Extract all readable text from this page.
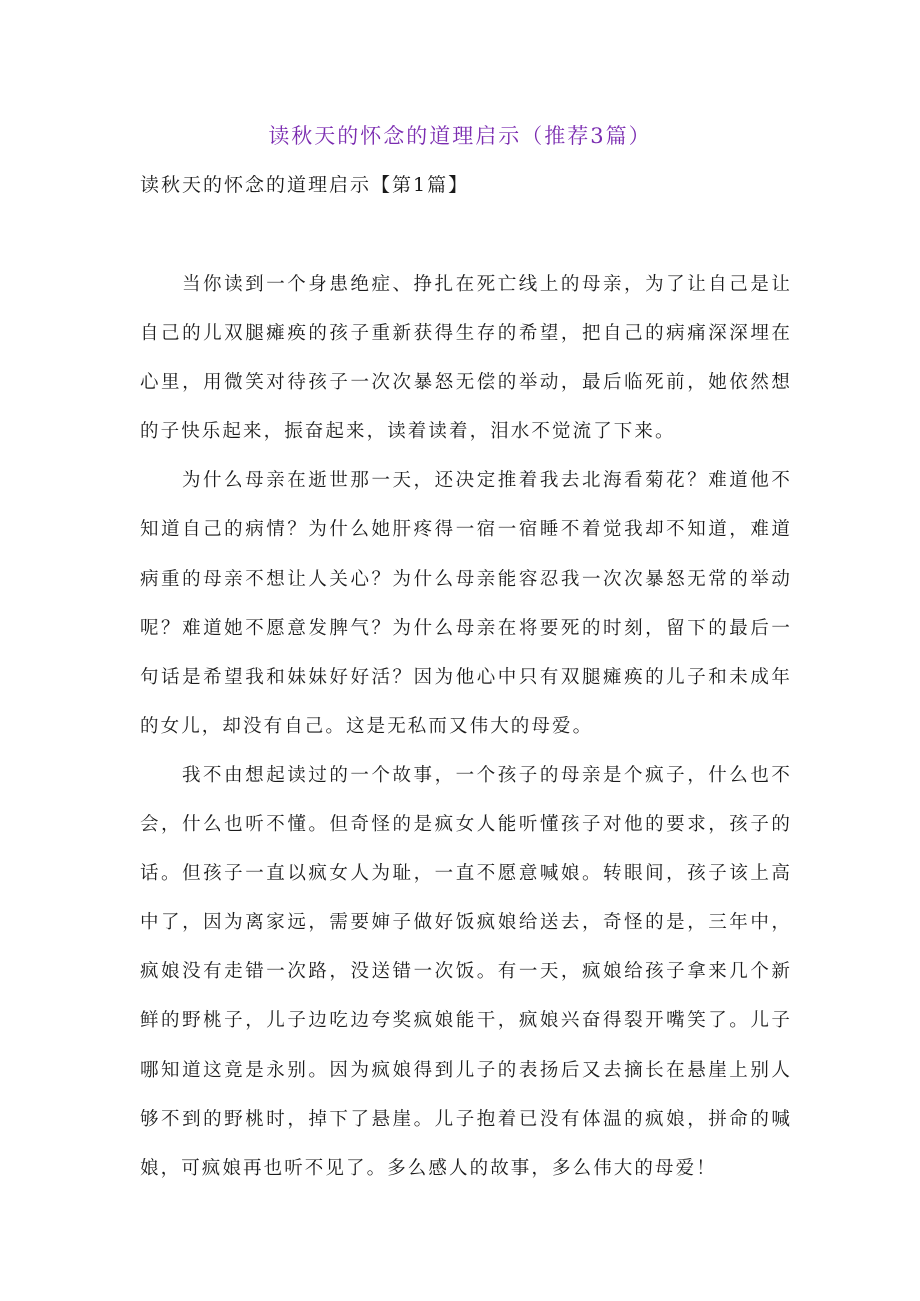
读秋天的怀念的道理启示（推荐3篇）
读秋天的怀念的道理启示【第1篇】

当你读到一个身患绝症、挣扎在死亡线上的母亲，为了让自己是让自己的儿双腿瘫痪的孩子重新获得生存的希望，把自己的病痛深深埋在心里，用微笑对待孩子一次次暴怒无偿的举动，最后临死前，她依然想的子快乐起来，振奋起来，读着读着，泪水不觉流了下来。

为什么母亲在逝世那一天，还决定推着我去北海看菊花？难道他不知道自己的病情？为什么她肝疼得一宿一宿睡不着觉我却不知道，难道病重的母亲不想让人关心？为什么母亲能容忍我一次次暴怒无常的举动呢？难道她不愿意发脾气？为什么母亲在将要死的时刻，留下的最后一句话是希望我和妹妹好好活？因为他心中只有双腿瘫痪的儿子和未成年的女儿，却没有自己。这是无私而又伟大的母爱。

我不由想起读过的一个故事，一个孩子的母亲是个疯子，什么也不会，什么也听不懂。但奇怪的是疯女人能听懂孩子对他的要求，孩子的话。但孩子一直以疯女人为耻，一直不愿意喊娘。转眼间，孩子该上高中了，因为离家远，需要婶子做好饭疯娘给送去，奇怪的是，三年中，疯娘没有走错一次路，没送错一次饭。有一天，疯娘给孩子拿来几个新鲜的野桃子，儿子边吃边夸奖疯娘能干，疯娘兴奋得裂开嘴笑了。儿子哪知道这竟是永别。因为疯娘得到儿子的表扬后又去摘长在悬崖上别人够不到的野桃时，掉下了悬崖。儿子抱着已没有体温的疯娘，拼命的喊娘，可疯娘再也听不见了。多么感人的故事，多么伟大的母爱！
